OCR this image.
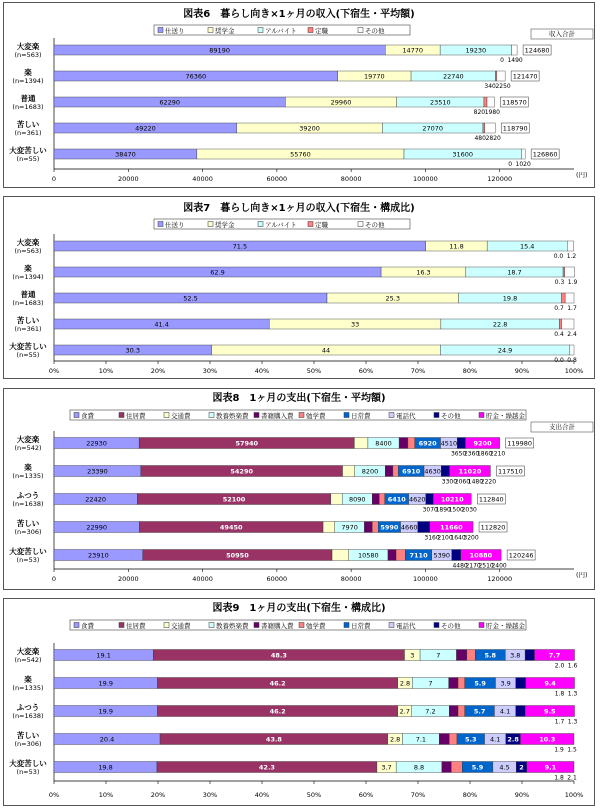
図表6　暮らし向き×1ヶ月の収入(下宿生・平均額)
仕送り	奨学金	アルバイト	定職	その他
0	20000	40000	60000	80000	100000	120000	(円)
大変楽
(n=563)
89190	14770	19230
0 1490
124680
楽
(n=1394)
76360	19770	22740
340 2250
121470
普通
(n=1683)
62290	29960	23510
820 1980
118570
苦しい
(n=361)
49220	39200	27070
480 2820
118790
大変苦しい
(n=55)
38470	55760	31600
0 1020
126860
収入合計
図表7　暮らし向き×1ヶ月の収入(下宿生・構成比)
仕送り	奨学金	アルバイト	定職	その他
0%	10%	20%	30%	40%	50%	60%	70%	80%	90%	100%
大変楽
(n=563)
71.5	11.8	15.4
0.0 1.2
楽
(n=1394)
62.9	16.3	18.7
0.3 1.9
普通
(n=1683)
52.5	25.3	19.8
0.7 1.7
苦しい
(n=361)
41.4	33	22.8
0.4 2.4
大変苦しい
(n=55)
30.3	44	24.9
0.0 0.8
図表8　1ヶ月の支出(下宿生・平均額)
食費	住居費	交通費	教養娯楽費 書籍購入費 勉学費	日常費	電話代	その他	貯金・繰越金
0	20000	40000	60000	80000	100000	120000	(円)
大変楽
(n=542)
22930	57940	8400	6920 4510	9200
3650
2360
1860
2210
119980
楽
(n=1335)
23390	54290	8200	6910 4630	11020
3300
2060
1480
2220
117510
ふつう
(n=1638)
22420	52100	8090	6410 4620 10210
3070
1890
1500
2030
112840
苦しい
(n=306)
22990	49450	7970	5990 4660	11660
3160
2100
1640
3200
112820
大変苦しい
(n=53)
23910	50950	10580	7110 5390	10880
4480
2170
2510
2400
120246
支出合計
図表9　1ヶ月の支出(下宿生・構成比)
食費	住居費	交通費	教養娯楽費 書籍購入費 勉学費	日常費	電話代	その他	貯金・繰越金
0%	10%	20%	30%	40%	50%	60%	70%	80%	90%	100%
大変楽
(n=542)
19.1	48.3	3	7	5.8 3.8	7.7
2.0 1.6
楽
(n=1335)
19.9	46.2	2.8	7	5.9 3.9	9.4
1.8 1.3
ふつう
(n=1638)
19.9	46.2	2.7 7.2	5.7 4.1	9.5
1.7 1.3
苦しい
(n=306)
20.4	43.8	2.8 7.1	5.3 4.1 2.8	10.3
1.9 1.5
大変苦しい
(n=53)
19.8	42.3	3.7	8.8	5.9 4.5 2	9.1
1.8 2.1
